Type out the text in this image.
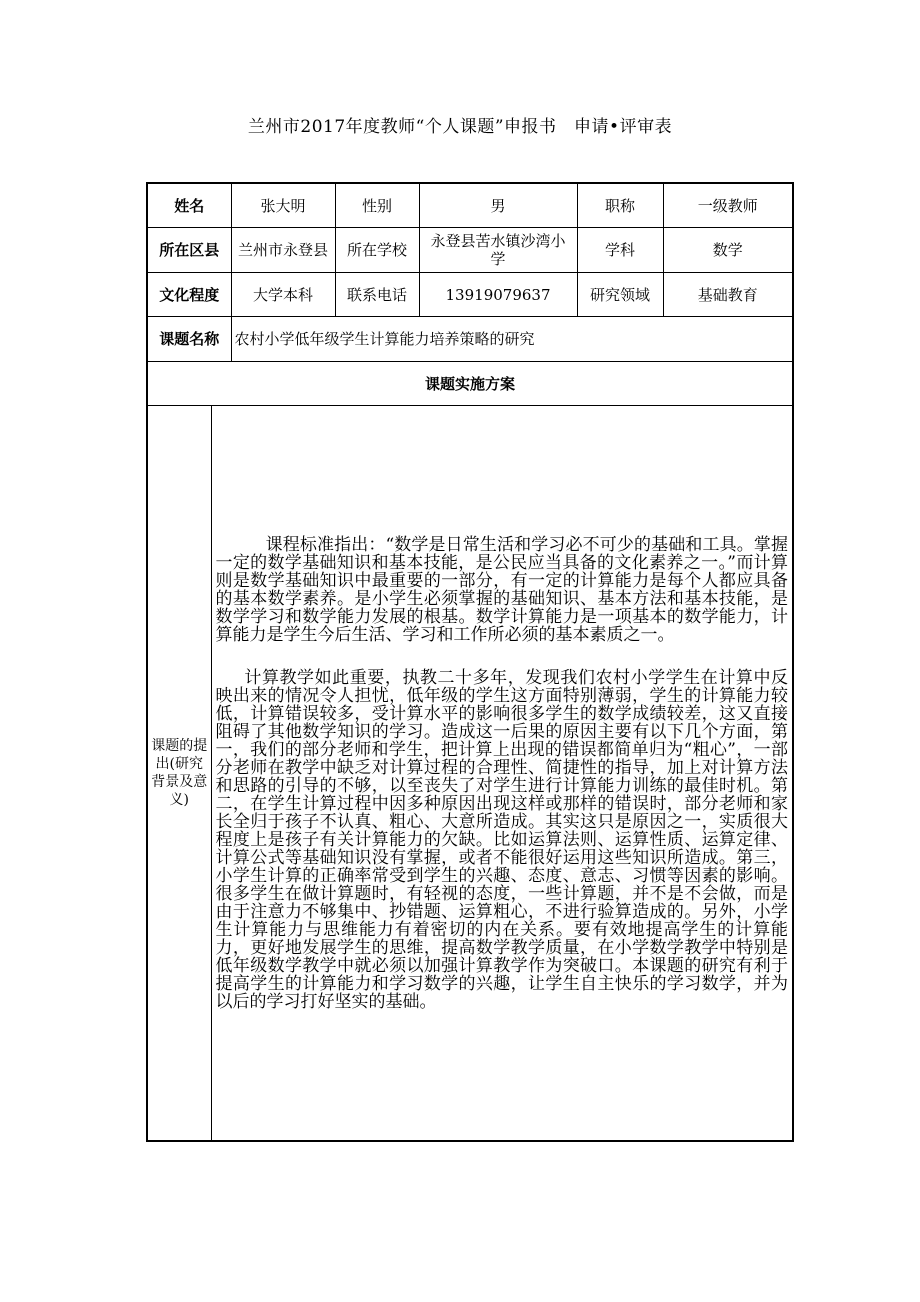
兰州市2017年度教师“个人课题”申报书　申请•评审表
姓名		张大明	性别	男	职称	一级教师
所在区县		兰州市永登县	所在学校	永登县苦水镇沙湾小学	学科	数学
文化程度		大学本科	联系电话	13919079637	研究领域	基础教育
课题名称		农村小学低年级学生计算能力培养策略的研究				
课题实施方案						
课题的提出(研究背景及意义)	课程标准指出：“数学是日常生活和学习必不可少的基础和工具。掌握一定的数学基础知识和基本技能，是公民应当具备的文化素养之一。”而计算则是数学基础知识中最重要的一部分，有一定的计算能力是每个人都应具备的基本数学素养。是小学生必须掌握的基础知识、基本方法和基本技能，是数学学习和数学能力发展的根基。数学计算能力是一项基本的数学能力，计算能力是学生今后生活、学习和工作所必须的基本素质之一。

计算教学如此重要，执教二十多年，发现我们农村小学学生在计算中反映出来的情况令人担忧，低年级的学生这方面特别薄弱，学生的计算能力较低，计算错误较多，受计算水平的影响很多学生的数学成绩较差，这又直接阻碍了其他数学知识的学习。造成这一后果的原因主要有以下几个方面，第一，我们的部分老师和学生，把计算上出现的错误都简单归为“粗心”，一部分老师在教学中缺乏对计算过程的合理性、简捷性的指导，加上对计算方法和思路的引导的不够，以至丧失了对学生进行计算能力训练的最佳时机。第二，在学生计算过程中因多种原因出现这样或那样的错误时，部分老师和家长全归于孩子不认真、粗心、大意所造成。其实这只是原因之一，实质很大程度上是孩子有关计算能力的欠缺。比如运算法则、运算性质、运算定律、计算公式等基础知识没有掌握，或者不能很好运用这些知识所造成。第三，小学生计算的正确率常受到学生的兴趣、态度、意志、习惯等因素的影响。很多学生在做计算题时，有轻视的态度，一些计算题，并不是不会做，而是由于注意力不够集中、抄错题、运算粗心，不进行验算造成的。另外，小学生计算能力与思维能力有着密切的内在关系。要有效地提高学生的计算能力，更好地发展学生的思维，提高数学教学质量，在小学数学教学中特别是低年级数学教学中就必须以加强计算教学作为突破口。本课题的研究有利于提高学生的计算能力和学习数学的兴趣，让学生自主快乐的学习数学，并为以后的学习打好坚实的基础。					
